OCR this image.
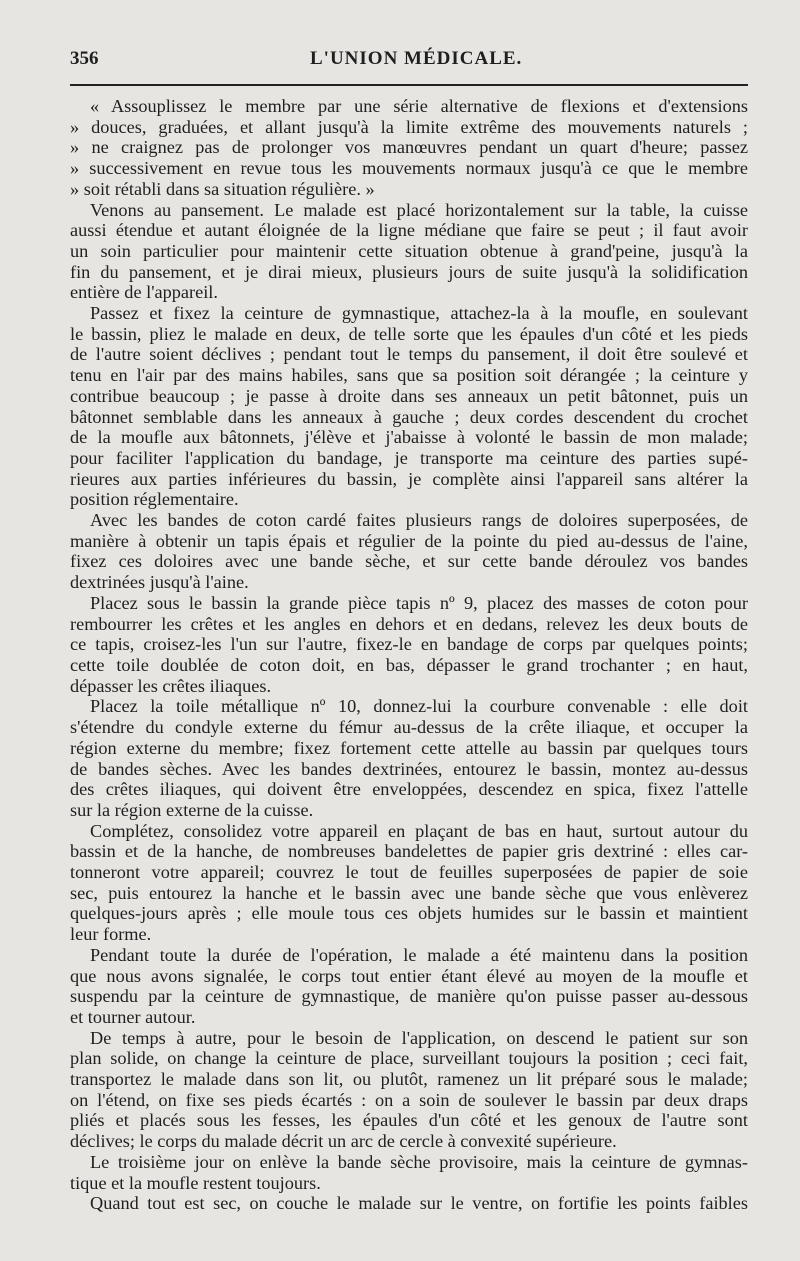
356	L'UNION MÉDICALE.
« Assouplissez le membre par une série alternative de flexions et d'extensions
» douces, graduées, et allant jusqu'à la limite extrême des mouvements naturels ;
» ne craignez pas de prolonger vos manœuvres pendant un quart d'heure; passez
» successivement en revue tous les mouvements normaux jusqu'à ce que le membre
» soit rétabli dans sa situation régulière. »
Venons au pansement. Le malade est placé horizontalement sur la table, la cuisse
aussi étendue et autant éloignée de la ligne médiane que faire se peut ; il faut avoir
un soin particulier pour maintenir cette situation obtenue à grand'peine, jusqu'à la
fin du pansement, et je dirai mieux, plusieurs jours de suite jusqu'à la solidification
entière de l'appareil.
Passez et fixez la ceinture de gymnastique, attachez-la à la moufle, en soulevant
le bassin, pliez le malade en deux, de telle sorte que les épaules d'un côté et les pieds
de l'autre soient déclives ; pendant tout le temps du pansement, il doit être soulevé et
tenu en l'air par des mains habiles, sans que sa position soit dérangée ; la ceinture y
contribue beaucoup ; je passe à droite dans ses anneaux un petit bâtonnet, puis un
bâtonnet semblable dans les anneaux à gauche ; deux cordes descendent du crochet
de la moufle aux bâtonnets, j'élève et j'abaisse à volonté le bassin de mon malade;
pour faciliter l'application du bandage, je transporte ma ceinture des parties supé-
rieures aux parties inférieures du bassin, je complète ainsi l'appareil sans altérer la
position réglementaire.
Avec les bandes de coton cardé faites plusieurs rangs de doloires superposées, de
manière à obtenir un tapis épais et régulier de la pointe du pied au-dessus de l'aine,
fixez ces doloires avec une bande sèche, et sur cette bande déroulez vos bandes
dextrinées jusqu'à l'aine.
Placez sous le bassin la grande pièce tapis nº 9, placez des masses de coton pour
rembourrer les crêtes et les angles en dehors et en dedans, relevez les deux bouts de
ce tapis, croisez-les l'un sur l'autre, fixez-le en bandage de corps par quelques points;
cette toile doublée de coton doit, en bas, dépasser le grand trochanter ; en haut,
dépasser les crêtes iliaques.
Placez la toile métallique nº 10, donnez-lui la courbure convenable : elle doit
s'étendre du condyle externe du fémur au-dessus de la crête iliaque, et occuper la
région externe du membre; fixez fortement cette attelle au bassin par quelques tours
de bandes sèches. Avec les bandes dextrinées, entourez le bassin, montez au-dessus
des crêtes iliaques, qui doivent être enveloppées, descendez en spica, fixez l'attelle
sur la région externe de la cuisse.
Complétez, consolidez votre appareil en plaçant de bas en haut, surtout autour du
bassin et de la hanche, de nombreuses bandelettes de papier gris dextriné : elles car-
tonneront votre appareil; couvrez le tout de feuilles superposées de papier de soie
sec, puis entourez la hanche et le bassin avec une bande sèche que vous enlèverez
quelques-jours après ; elle moule tous ces objets humides sur le bassin et maintient
leur forme.
Pendant toute la durée de l'opération, le malade a été maintenu dans la position
que nous avons signalée, le corps tout entier étant élevé au moyen de la moufle et
suspendu par la ceinture de gymnastique, de manière qu'on puisse passer au-dessous
et tourner autour.
De temps à autre, pour le besoin de l'application, on descend le patient sur son
plan solide, on change la ceinture de place, surveillant toujours la position ; ceci fait,
transportez le malade dans son lit, ou plutôt, ramenez un lit préparé sous le malade;
on l'étend, on fixe ses pieds écartés : on a soin de soulever le bassin par deux draps
pliés et placés sous les fesses, les épaules d'un côté et les genoux de l'autre sont
déclives; le corps du malade décrit un arc de cercle à convexité supérieure.
Le troisième jour on enlève la bande sèche provisoire, mais la ceinture de gymnas-
tique et la moufle restent toujours.
Quand tout est sec, on couche le malade sur le ventre, on fortifie les points faibles
